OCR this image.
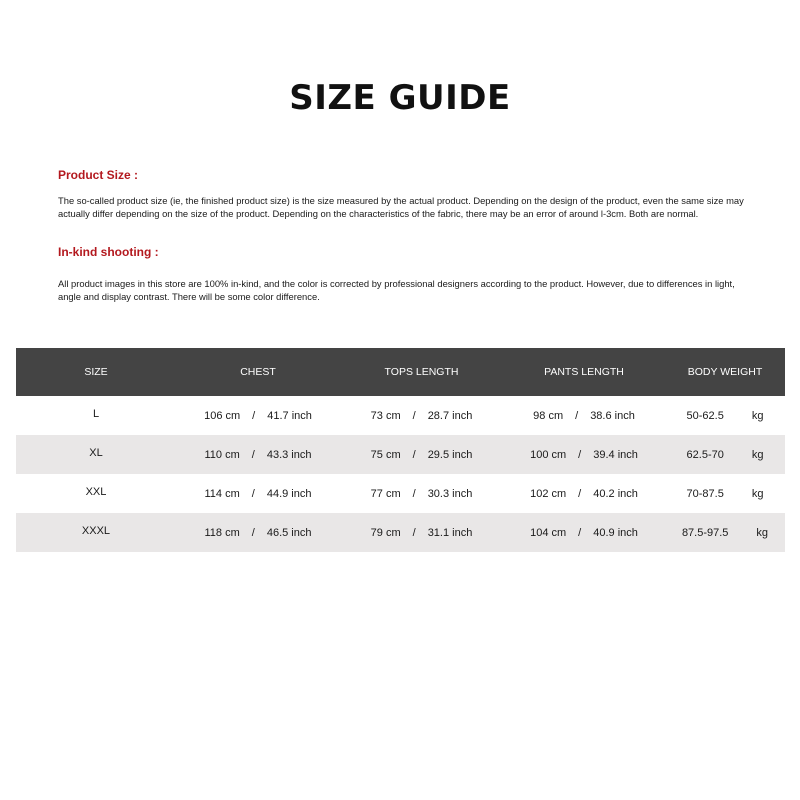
SIZE GUIDE
Product Size :
The so-called product size (ie, the finished product size) is the size measured by the actual product. Depending on the design of the product, even the same size may actually differ depending on the size of the product. Depending on the characteristics of the fabric, there may be an error of around l-3cm. Both are normal.
In-kind shooting :
All product images in this store are 100% in-kind, and the color is corrected by professional designers according to the product. However, due to differences in light, angle and display contrast. There will be some color difference.
SIZE	CHEST	TOPS LENGTH	PANTS LENGTH	BODY WEIGHT
L	106 cm / 41.7 inch	73 cm / 28.7 inch	98 cm / 38.6 inch	50-62.5	kg
XL	110 cm / 43.3 inch	75 cm / 29.5 inch	100 cm / 39.4 inch	62.5-70	kg
XXL	114 cm / 44.9 inch	77 cm / 30.3 inch	102 cm / 40.2 inch	70-87.5	kg
XXXL	118 cm / 46.5 inch	79 cm / 31.1 inch	104 cm / 40.9 inch	87.5-97.5	kg
